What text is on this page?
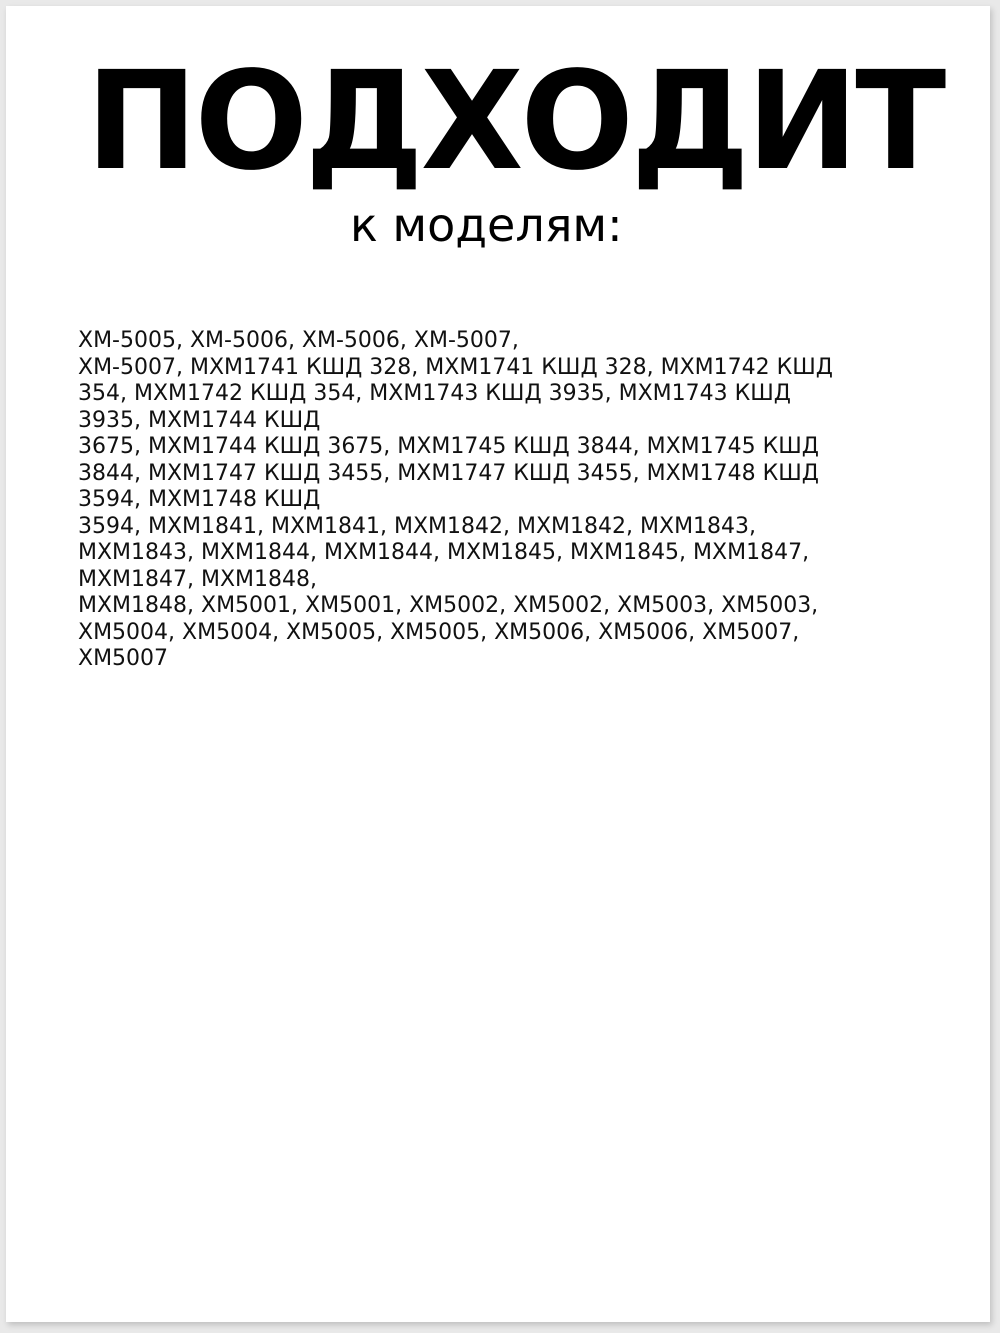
ПОДХОДИТ
к моделям:
XM-5005, XM-5006, XM-5006, XM-5007,
XM-5007, MXM1741 КШД 328, MXM1741 КШД 328, MXM1742 КШД
354, MXM1742 КШД 354, MXM1743 КШД 3935, MXM1743 КШД
3935, MXM1744 КШД
3675, MXM1744 КШД 3675, MXM1745 КШД 3844, MXM1745 КШД
3844, MXM1747 КШД 3455, MXM1747 КШД 3455, MXM1748 КШД
3594, MXM1748 КШД
3594, MXM1841, MXM1841, MXM1842, MXM1842, MXM1843,
MXM1843, MXM1844, MXM1844, MXM1845, MXM1845, MXM1847,
MXM1847, MXM1848,
MXM1848, XM5001, XM5001, XM5002, XM5002, XM5003, XM5003,
XM5004, XM5004, XM5005, XM5005, XM5006, XM5006, XM5007,
XM5007
